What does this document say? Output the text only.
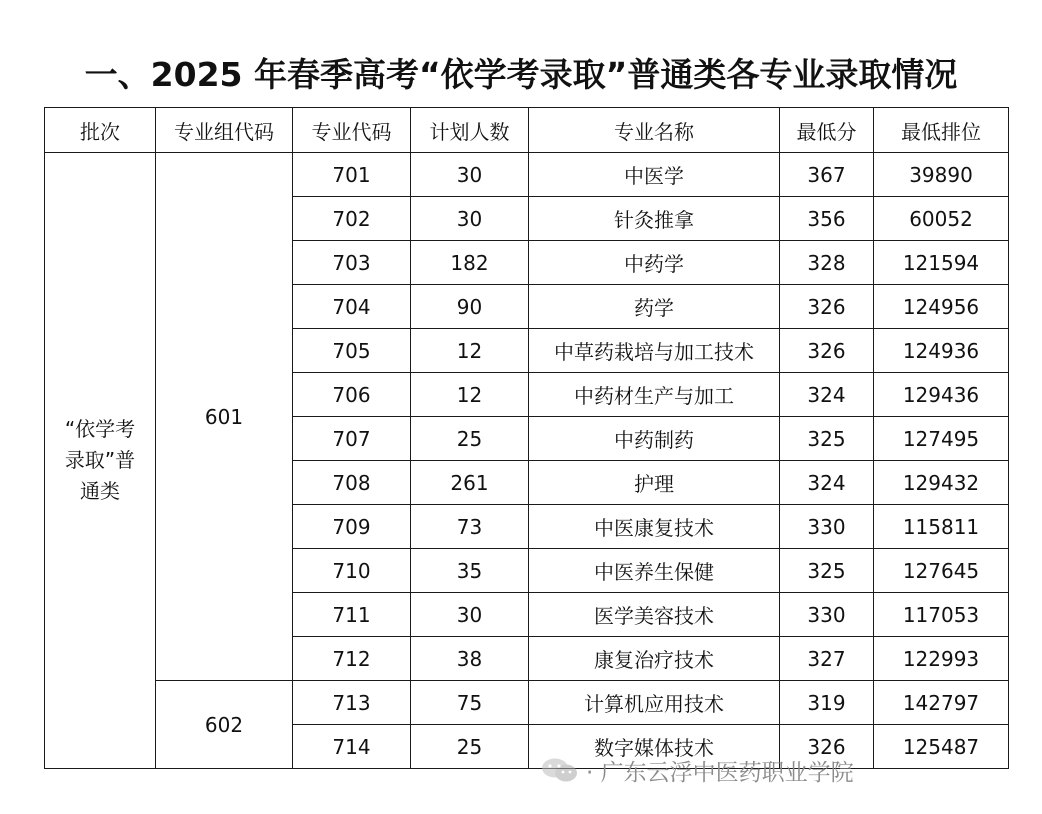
一、2025 年春季高考“依学考录取”普通类各专业录取情况
批次	专业组代码	专业代码	计划人数	专业名称	最低分	最低排位
“依学考录取”普通类	601	701	30	中医学	367	39890
		702	30	针灸推拿	356	60052
		703	182	中药学	328	121594
		704	90	药学	326	124956
		705	12	中草药栽培与加工技术	326	124936
		706	12	中药材生产与加工	324	129436
		707	25	中药制药	325	127495
		708	261	护理	324	129432
		709	73	中医康复技术	330	115811
		710	35	中医养生保健	325	127645
		711	30	医学美容技术	330	117053
		712	38	康复治疗技术	327	122993
	602	713	75	计算机应用技术	319	142797
		714	25	数字媒体技术	326	125487
· 广东云浮中医药职业学院
